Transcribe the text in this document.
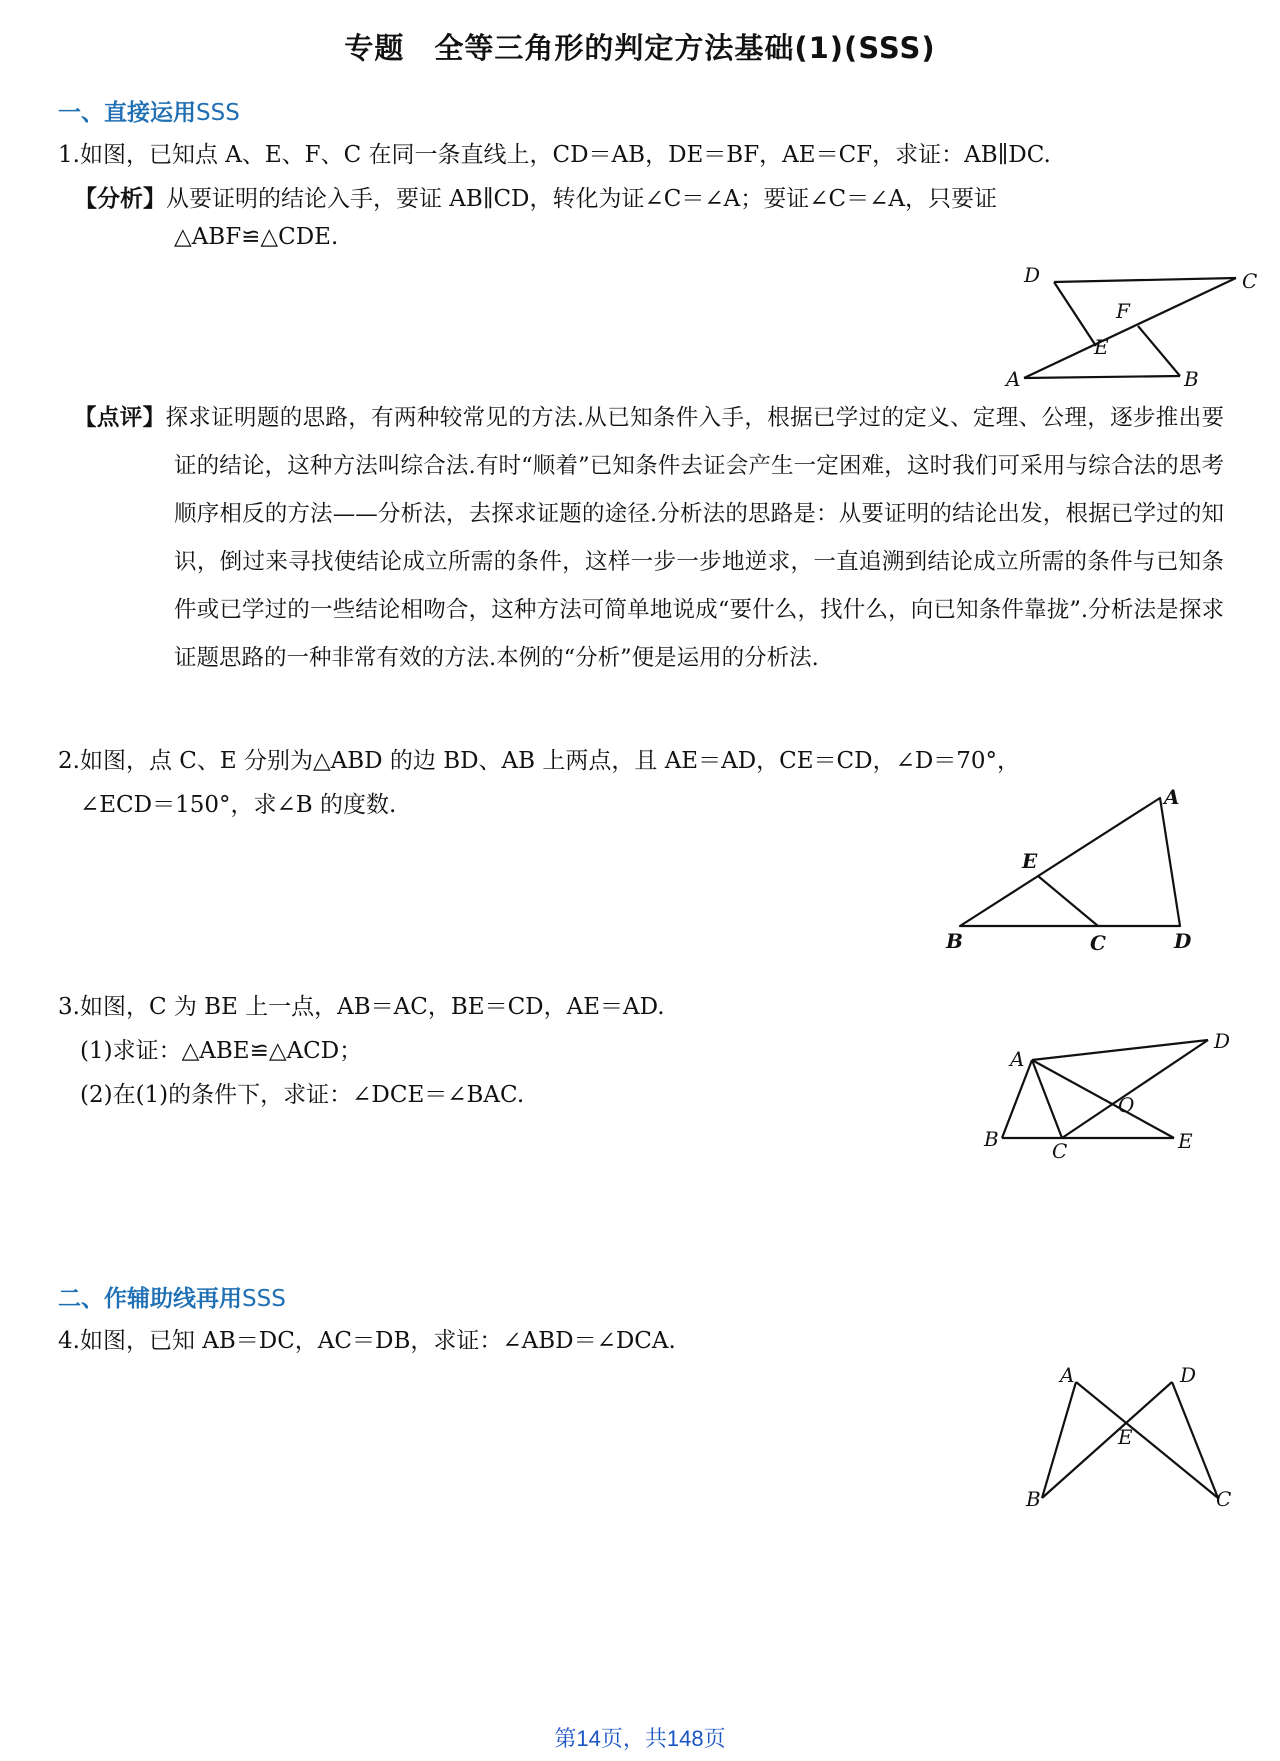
专题　全等三角形的判定方法基础(1)(SSS)
一、直接运用SSS
1.如图，已知点 A、E、F、C 在同一条直线上，CD＝AB，DE＝BF，AE＝CF，求证：AB∥DC.
【分析】从要证明的结论入手，要证 AB∥CD，转化为证∠C＝∠A；要证∠C＝∠A，只要证
△ABF≌△CDE.
D	C
F
E
A	B
【点评】探求证明题的思路，有两种较常见的方法.从已知条件入手，根据已学过的定义、定理、公理，逐步推出要证的结论，这种方法叫综合法.有时“顺着”已知条件去证会产生一定困难，这时我们可采用与综合法的思考顺序相反的方法——分析法，去探求证题的途径.分析法的思路是：从要证明的结论出发，根据已学过的知识，倒过来寻找使结论成立所需的条件，这样一步一步地逆求，一直追溯到结论成立所需的条件与已知条件或已学过的一些结论相吻合，这种方法可简单地说成“要什么，找什么，向已知条件靠拢”.分析法是探求证题思路的一种非常有效的方法.本例的“分析”便是运用的分析法.
2.如图，点 C、E 分别为△ABD 的边 BD、AB 上两点，且 AE＝AD，CE＝CD，∠D＝70°，
∠ECD＝150°，求∠B 的度数.	A
E
B	C	D
3.如图，C 为 BE 上一点，AB＝AC，BE＝CD，AE＝AD.
(1)求证：△ABE≌△ACD；
(2)在(1)的条件下，求证：∠DCE＝∠BAC.
A
D
O
B	C	E
二、作辅助线再用SSS
4.如图，已知 AB＝DC，AC＝DB，求证：∠ABD＝∠DCA.
A	D
E
B	C
第14页，共148页
